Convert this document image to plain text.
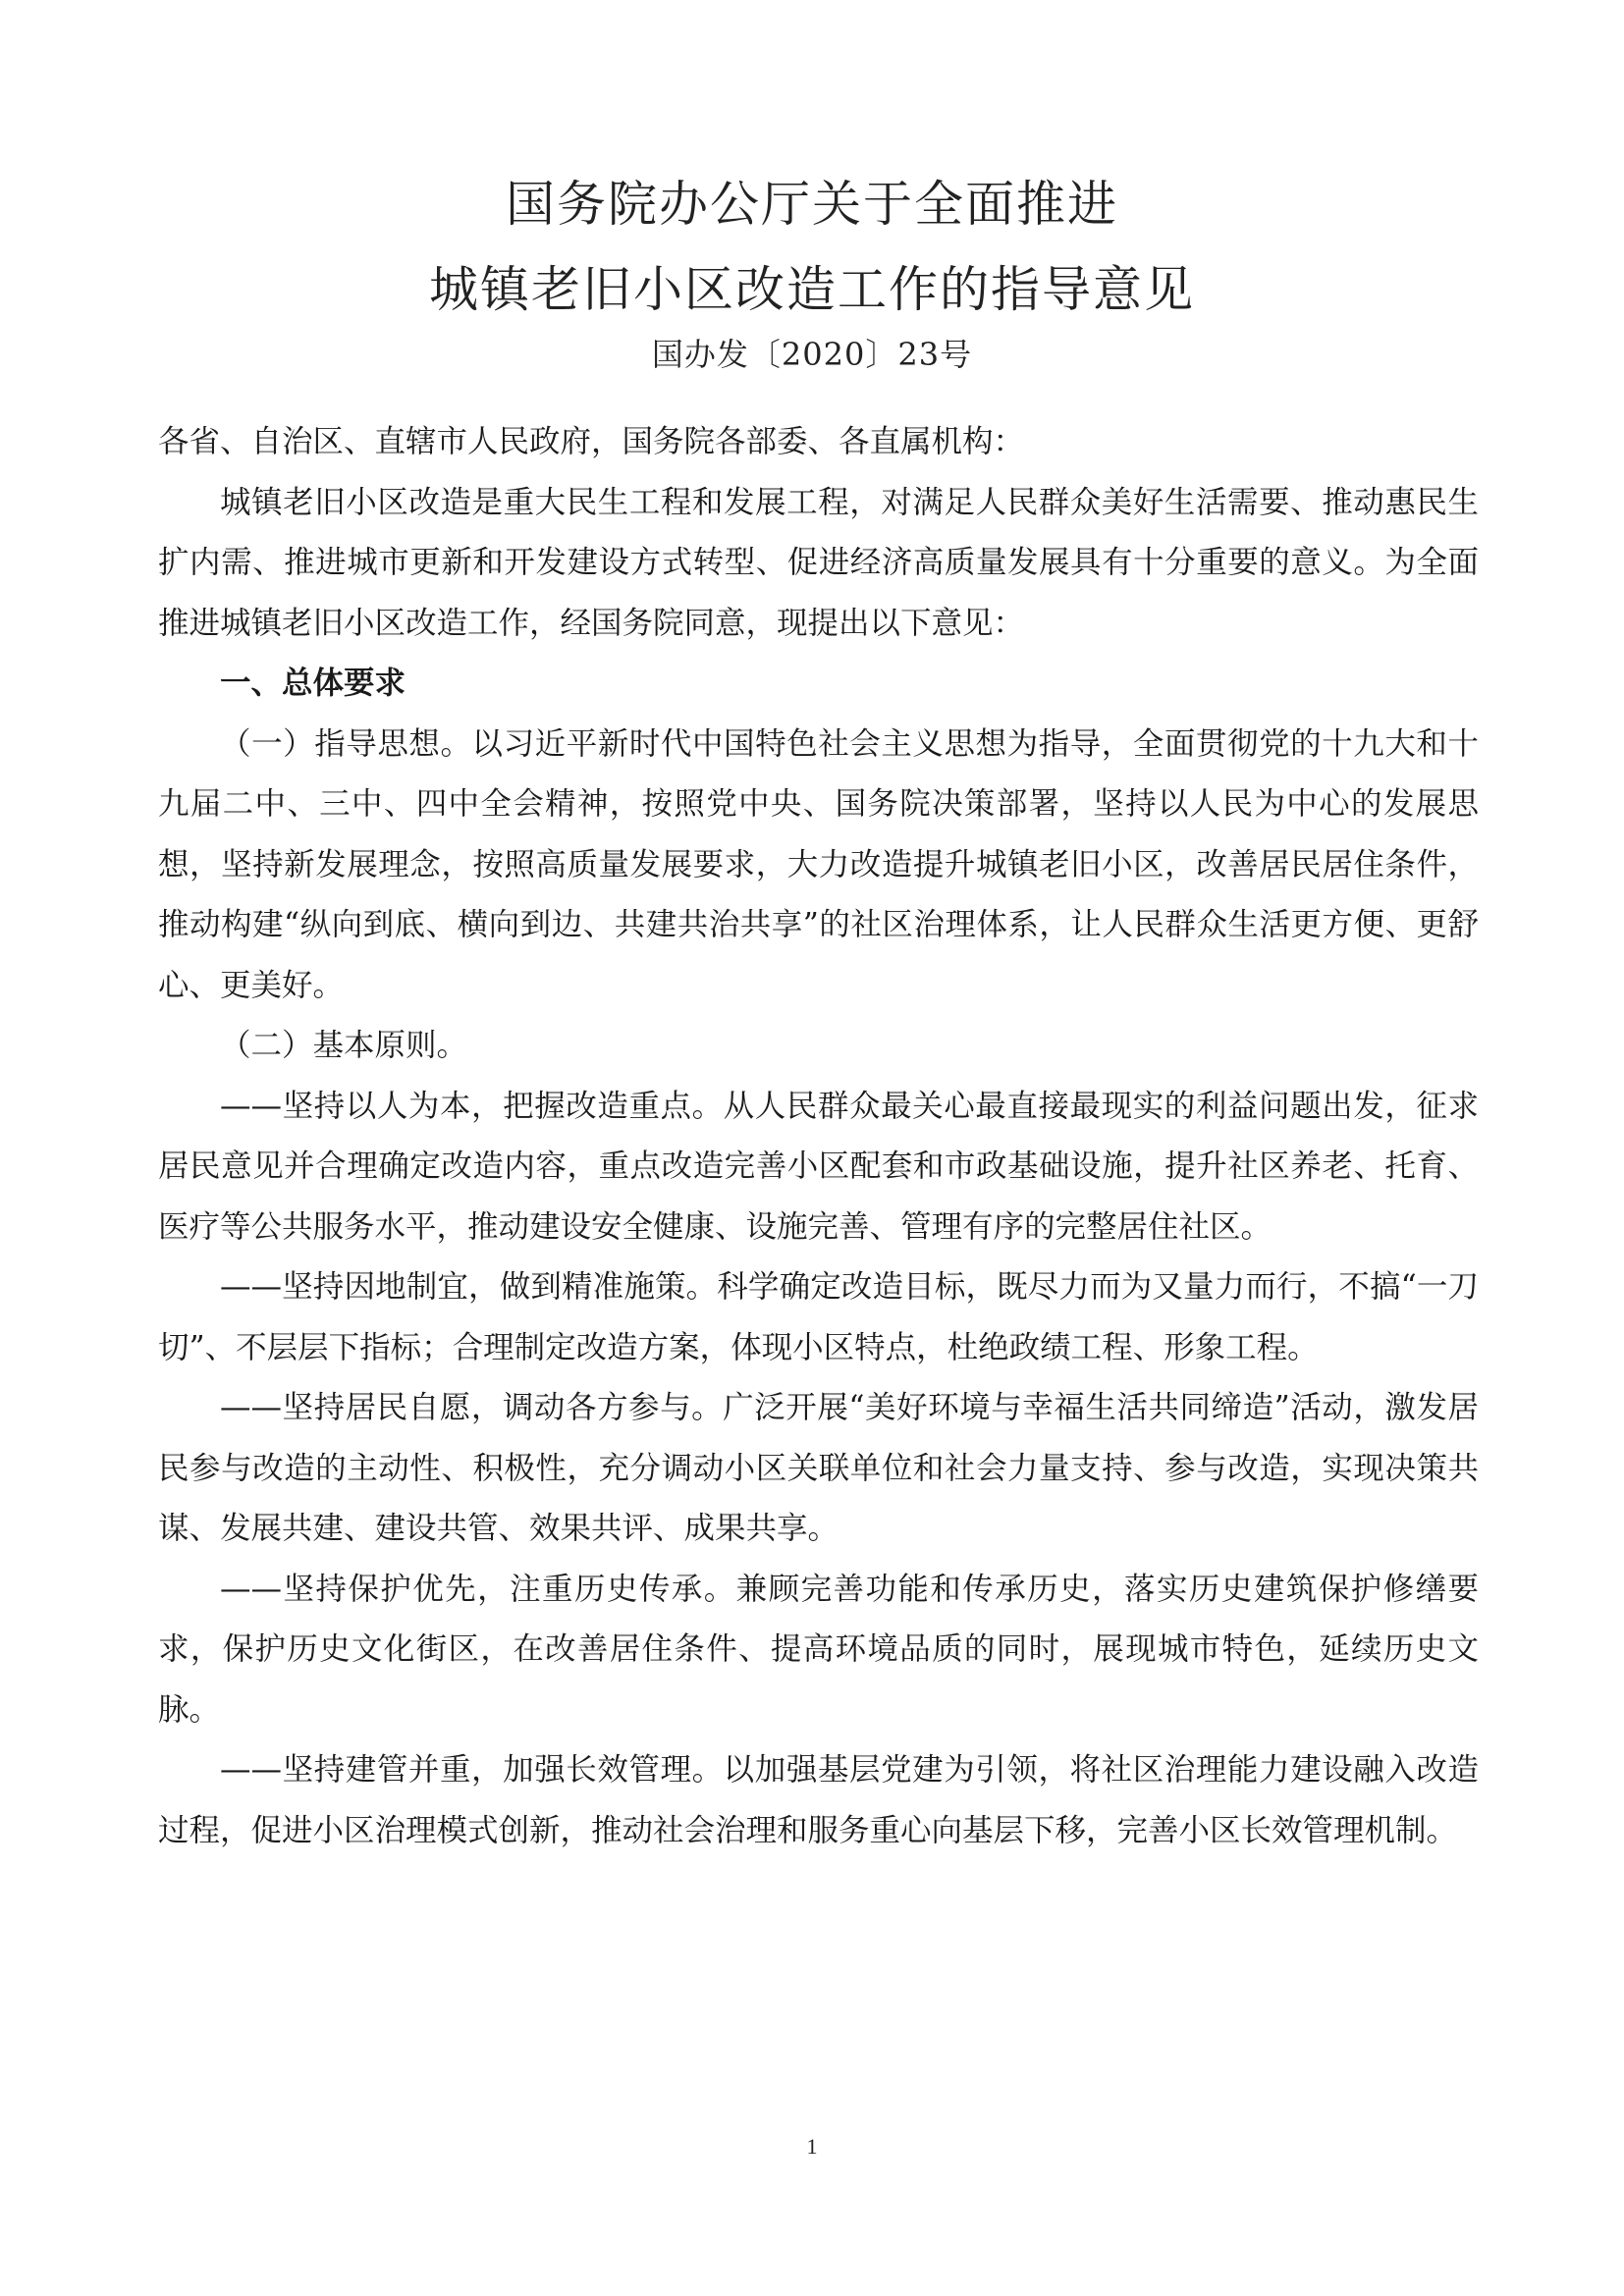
国务院办公厅关于全面推进
城镇老旧小区改造工作的指导意见
国办发〔2020〕23号

各省、自治区、直辖市人民政府，国务院各部委、各直属机构：

城镇老旧小区改造是重大民生工程和发展工程，对满足人民群众美好生活需要、推动惠民生扩内需、推进城市更新和开发建设方式转型、促进经济高质量发展具有十分重要的意义。为全面推进城镇老旧小区改造工作，经国务院同意，现提出以下意见：

一、总体要求

（一）指导思想。以习近平新时代中国特色社会主义思想为指导，全面贯彻党的十九大和十九届二中、三中、四中全会精神，按照党中央、国务院决策部署，坚持以人民为中心的发展思想，坚持新发展理念，按照高质量发展要求，大力改造提升城镇老旧小区，改善居民居住条件，推动构建“纵向到底、横向到边、共建共治共享”的社区治理体系，让人民群众生活更方便、更舒心、更美好。

（二）基本原则。

——坚持以人为本，把握改造重点。从人民群众最关心最直接最现实的利益问题出发，征求居民意见并合理确定改造内容，重点改造完善小区配套和市政基础设施，提升社区养老、托育、医疗等公共服务水平，推动建设安全健康、设施完善、管理有序的完整居住社区。

——坚持因地制宜，做到精准施策。科学确定改造目标，既尽力而为又量力而行，不搞“一刀切”、不层层下指标；合理制定改造方案，体现小区特点，杜绝政绩工程、形象工程。

——坚持居民自愿，调动各方参与。广泛开展“美好环境与幸福生活共同缔造”活动，激发居民参与改造的主动性、积极性，充分调动小区关联单位和社会力量支持、参与改造，实现决策共谋、发展共建、建设共管、效果共评、成果共享。

——坚持保护优先，注重历史传承。兼顾完善功能和传承历史，落实历史建筑保护修缮要求，保护历史文化街区，在改善居住条件、提高环境品质的同时，展现城市特色，延续历史文脉。

——坚持建管并重，加强长效管理。以加强基层党建为引领，将社区治理能力建设融入改造过程，促进小区治理模式创新，推动社会治理和服务重心向基层下移，完善小区长效管理机制。

1
